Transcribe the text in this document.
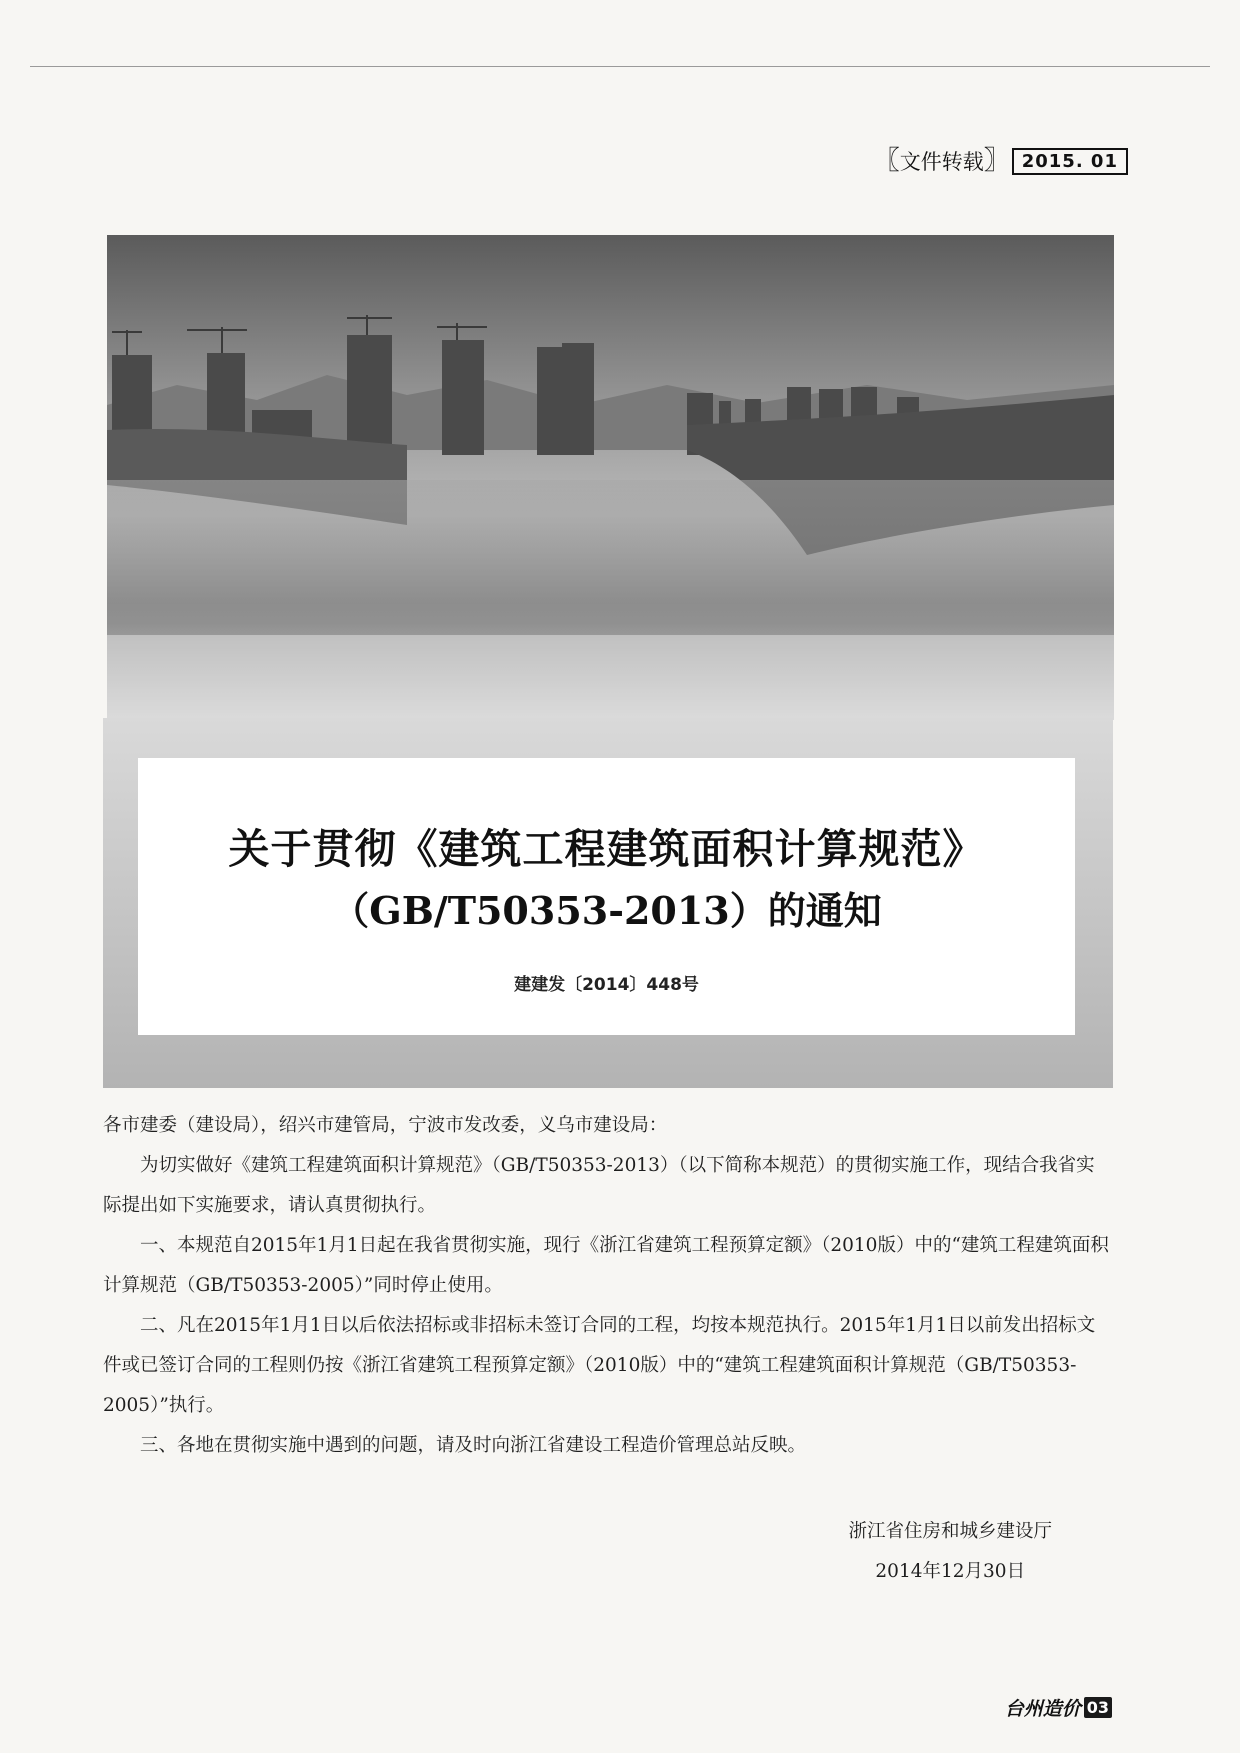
〖 文件转载 〗 2015. 01
关于贯彻《建筑工程建筑面积计算规范》
（GB/T50353-2013）的通知
建建发〔2014〕448号

各市建委（建设局），绍兴市建管局，宁波市发改委，义乌市建设局：

为切实做好《建筑工程建筑面积计算规范》（GB/T50353-2013）（以下简称本规范）的贯彻实施工作，现结合我省实际提出如下实施要求，请认真贯彻执行。

一、本规范自2015年1月1日起在我省贯彻实施，现行《浙江省建筑工程预算定额》（2010版）中的“建筑工程建筑面积计算规范（GB/T50353-2005）”同时停止使用。

二、凡在2015年1月1日以后依法招标或非招标未签订合同的工程，均按本规范执行。2015年1月1日以前发出招标文件或已签订合同的工程则仍按《浙江省建筑工程预算定额》（2010版）中的“建筑工程建筑面积计算规范（GB/T50353-2005）”执行。

三、各地在贯彻实施中遇到的问题，请及时向浙江省建设工程造价管理总站反映。

浙江省住房和城乡建设厅
2014年12月30日
台州造价 03
